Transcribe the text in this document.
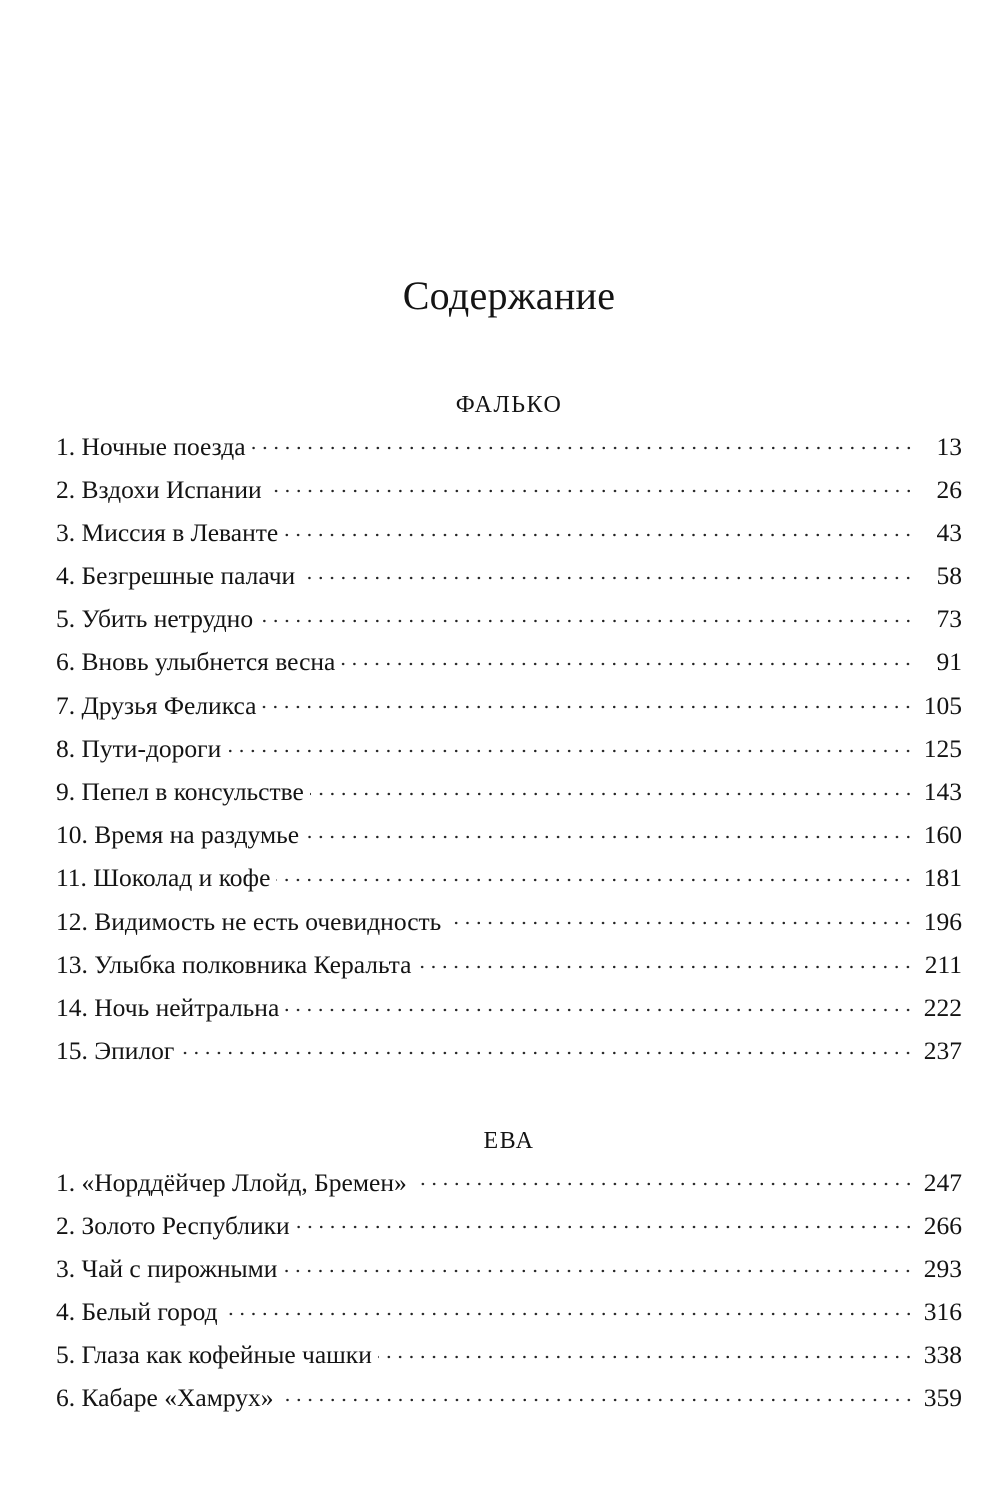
Содержание
ФАЛЬКО
1. Ночные поезда	13
2. Вздохи Испании	26
3. Миссия в Леванте	43
4. Безгрешные палачи	58
5. Убить нетрудно	73
6. Вновь улыбнется весна	91
7. Друзья Феликса	105
8. Пути-дороги	125
9. Пепел в консульстве	143
10. Время на раздумье	160
11. Шоколад и кофе	181
12. Видимость не есть очевидность	196
13. Улыбка полковника Керальта	211
14. Ночь нейтральна	222
15. Эпилог	237
ЕВА
1. «Норддёйчер Ллойд, Бремен»	247
2. Золото Республики	266
3. Чай с пирожными	293
4. Белый город	316
5. Глаза как кофейные чашки	338
6. Кабаре «Хамрух»	359
